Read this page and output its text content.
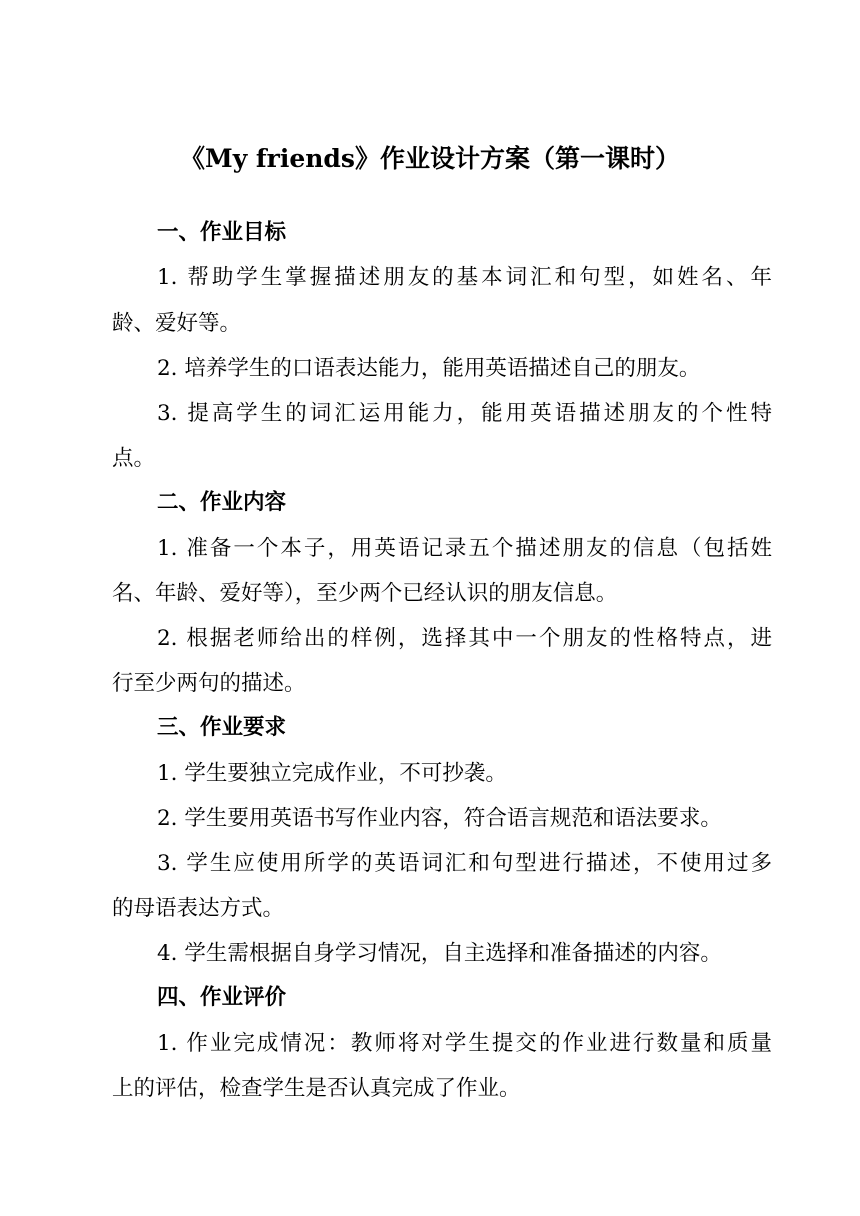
《My friends》作业设计方案（第一课时）
一、作业目标
1. 帮助学生掌握描述朋友的基本词汇和句型，如姓名、年
龄、爱好等。
2. 培养学生的口语表达能力，能用英语描述自己的朋友。
3. 提高学生的词汇运用能力，能用英语描述朋友的个性特
点。
二、作业内容
1. 准备一个本子，用英语记录五个描述朋友的信息（包括姓
名、年龄、爱好等），至少两个已经认识的朋友信息。
2. 根据老师给出的样例，选择其中一个朋友的性格特点，进
行至少两句的描述。
三、作业要求
1. 学生要独立完成作业，不可抄袭。
2. 学生要用英语书写作业内容，符合语言规范和语法要求。
3. 学生应使用所学的英语词汇和句型进行描述，不使用过多
的母语表达方式。
4. 学生需根据自身学习情况，自主选择和准备描述的内容。
四、作业评价
1. 作业完成情况：教师将对学生提交的作业进行数量和质量
上的评估，检查学生是否认真完成了作业。
